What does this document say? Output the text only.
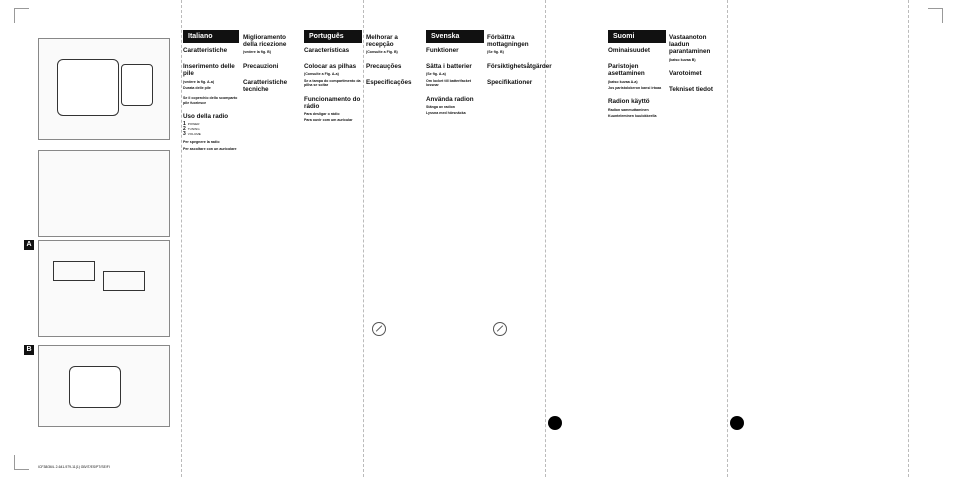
A
B
ICF38/36/L 2-641-979-11(1) GB/IT/ES/PT/SE/FI
Italiano
Caratteristiche
Inserimento delle pile
(vedere la fig. A-a)
Durata delle pile
Se il coperchio dello scomparto pile fuoriesce
Uso della radio
1 POWER
2 TUNING
3 VOLUME
Per spegnere la radio
Per ascoltare con un auricolare
Miglioramento della ricezione
(vedere la fig. B)
Precauzioni
Caratteristiche tecniche
Português
Características
Colocar as pilhas
(Consulte a Fig. A-a)
Se a tampa do compartimento da pilha se soltar
Funcionamento do rádio
Para desligar o rádio
Para ouvir com um auricular
Melhorar a recepção
(Consulte a Fig. B)
Precauções
Especificações
Svenska
Funktioner
Sätta i batterier
(Se fig. A-a)
Om locket till batterifacket lossnar
Använda radion
Stänga av radion
Lyssna med hörsnäcka
Förbättra mottagningen
(Se fig. B)
Försiktighetsåtgärder
Specifikationer
Suomi
Ominaisuudet
Paristojen asettaminen
(katso kuvaa A-a)
Jos paristolokeron kansi irtoaa
Radion käyttö
Radion sammuttaminen
Kuunteleminen kuulokkeella
Vastaanoton laadun parantaminen
(katso kuvaa B)
Varotoimet
Tekniset tiedot
